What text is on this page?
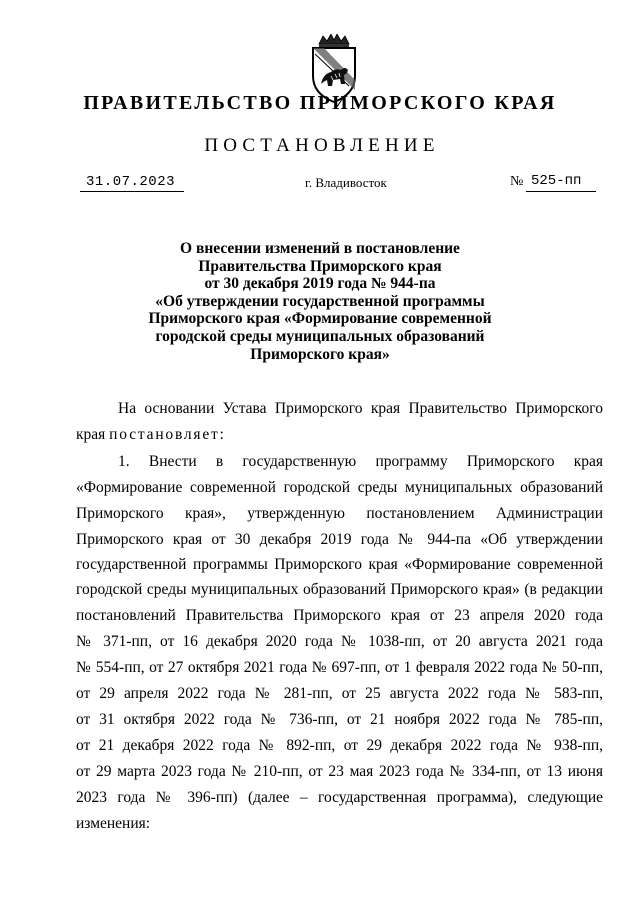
ПРАВИТЕЛЬСТВО ПРИМОРСКОГО КРАЯ
ПОСТАНОВЛЕНИЕ
31.07.2023	г. Владивосток	№ 525-пп
О внесении изменений в постановление
Правительства Приморского края
от 30 декабря 2019 года № 944-па
«Об утверждении государственной программы
Приморского края «Формирование современной
городской среды муниципальных образований
Приморского края»
На основании Устава Приморского края Правительство Приморского
края постановляет:
1. Внести в государственную программу Приморского края
«Формирование современной городской среды муниципальных образований
Приморского края», утвержденную постановлением Администрации
Приморского края от 30 декабря 2019 года № 944-па «Об утверждении
государственной программы Приморского края «Формирование современной
городской среды муниципальных образований Приморского края» (в редакции
постановлений Правительства Приморского края от 23 апреля 2020 года
№ 371-пп, от 16 декабря 2020 года № 1038-пп, от 20 августа 2021 года
№ 554-пп, от 27 октября 2021 года № 697-пп, от 1 февраля 2022 года № 50-пп,
от 29 апреля 2022 года № 281-пп, от 25 августа 2022 года № 583-пп,
от 31 октября 2022 года № 736-пп, от 21 ноября 2022 года № 785-пп,
от 21 декабря 2022 года № 892-пп, от 29 декабря 2022 года № 938-пп,
от 29 марта 2023 года № 210-пп, от 23 мая 2023 года № 334-пп, от 13 июня
2023 года № 396-пп) (далее – государственная программа), следующие
изменения:
